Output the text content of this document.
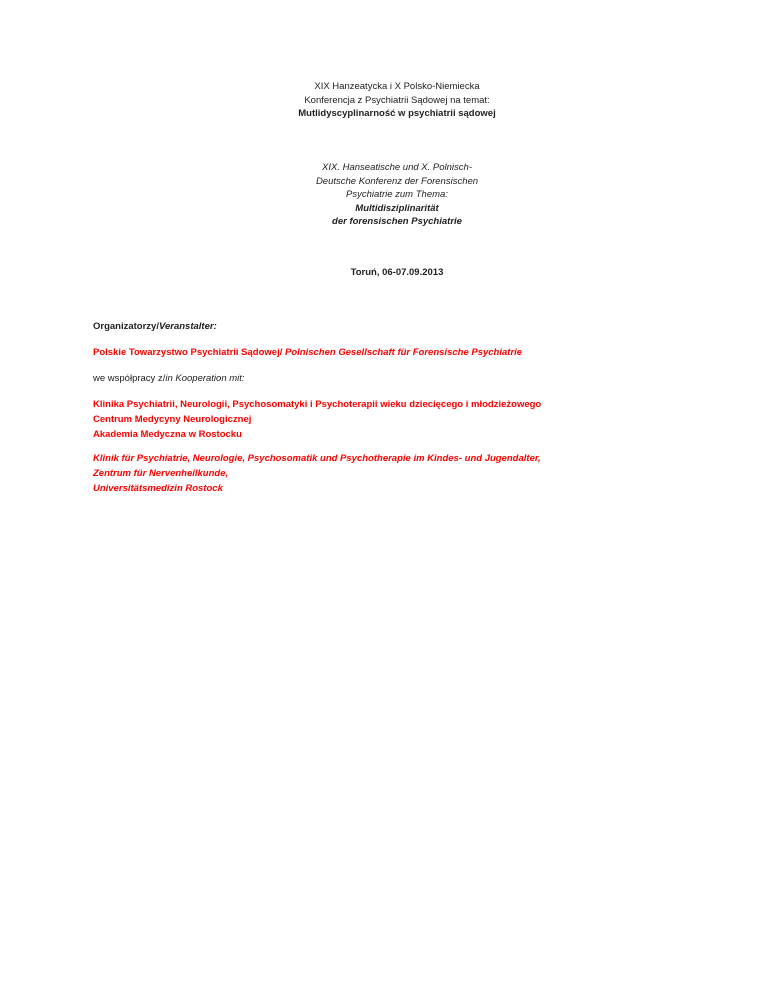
XIX Hanzeatycka i X Polsko-Niemiecka
Konferencja z Psychiatrii Sądowej na temat:
Mutlidyscyplinarność w psychiatrii sądowej
XIX. Hanseatische und X. Polnisch-
Deutsche Konferenz der Forensischen
Psychiatrie zum Thema:
Multidisziplinarität
der forensischen Psychiatrie
Toruń, 06-07.09.2013
Organizatorzy/Veranstalter:
Polskie Towarzystwo Psychiatrii Sądowej/ Polnischen Gesellschaft für Forensische Psychiatrie
we współpracy z/in Kooperation mit:
Klinika Psychiatrii, Neurologii, Psychosomatyki i Psychoterapii wieku dziecięcego i młodzieżowego
Centrum Medycyny Neurologicznej
Akademia Medyczna w Rostocku
Klinik für Psychiatrie, Neurologie, Psychosomatik und Psychotherapie im Kindes- und Jugendalter,
Zentrum für Nervenheilkunde,
Universitätsmedizin Rostock
